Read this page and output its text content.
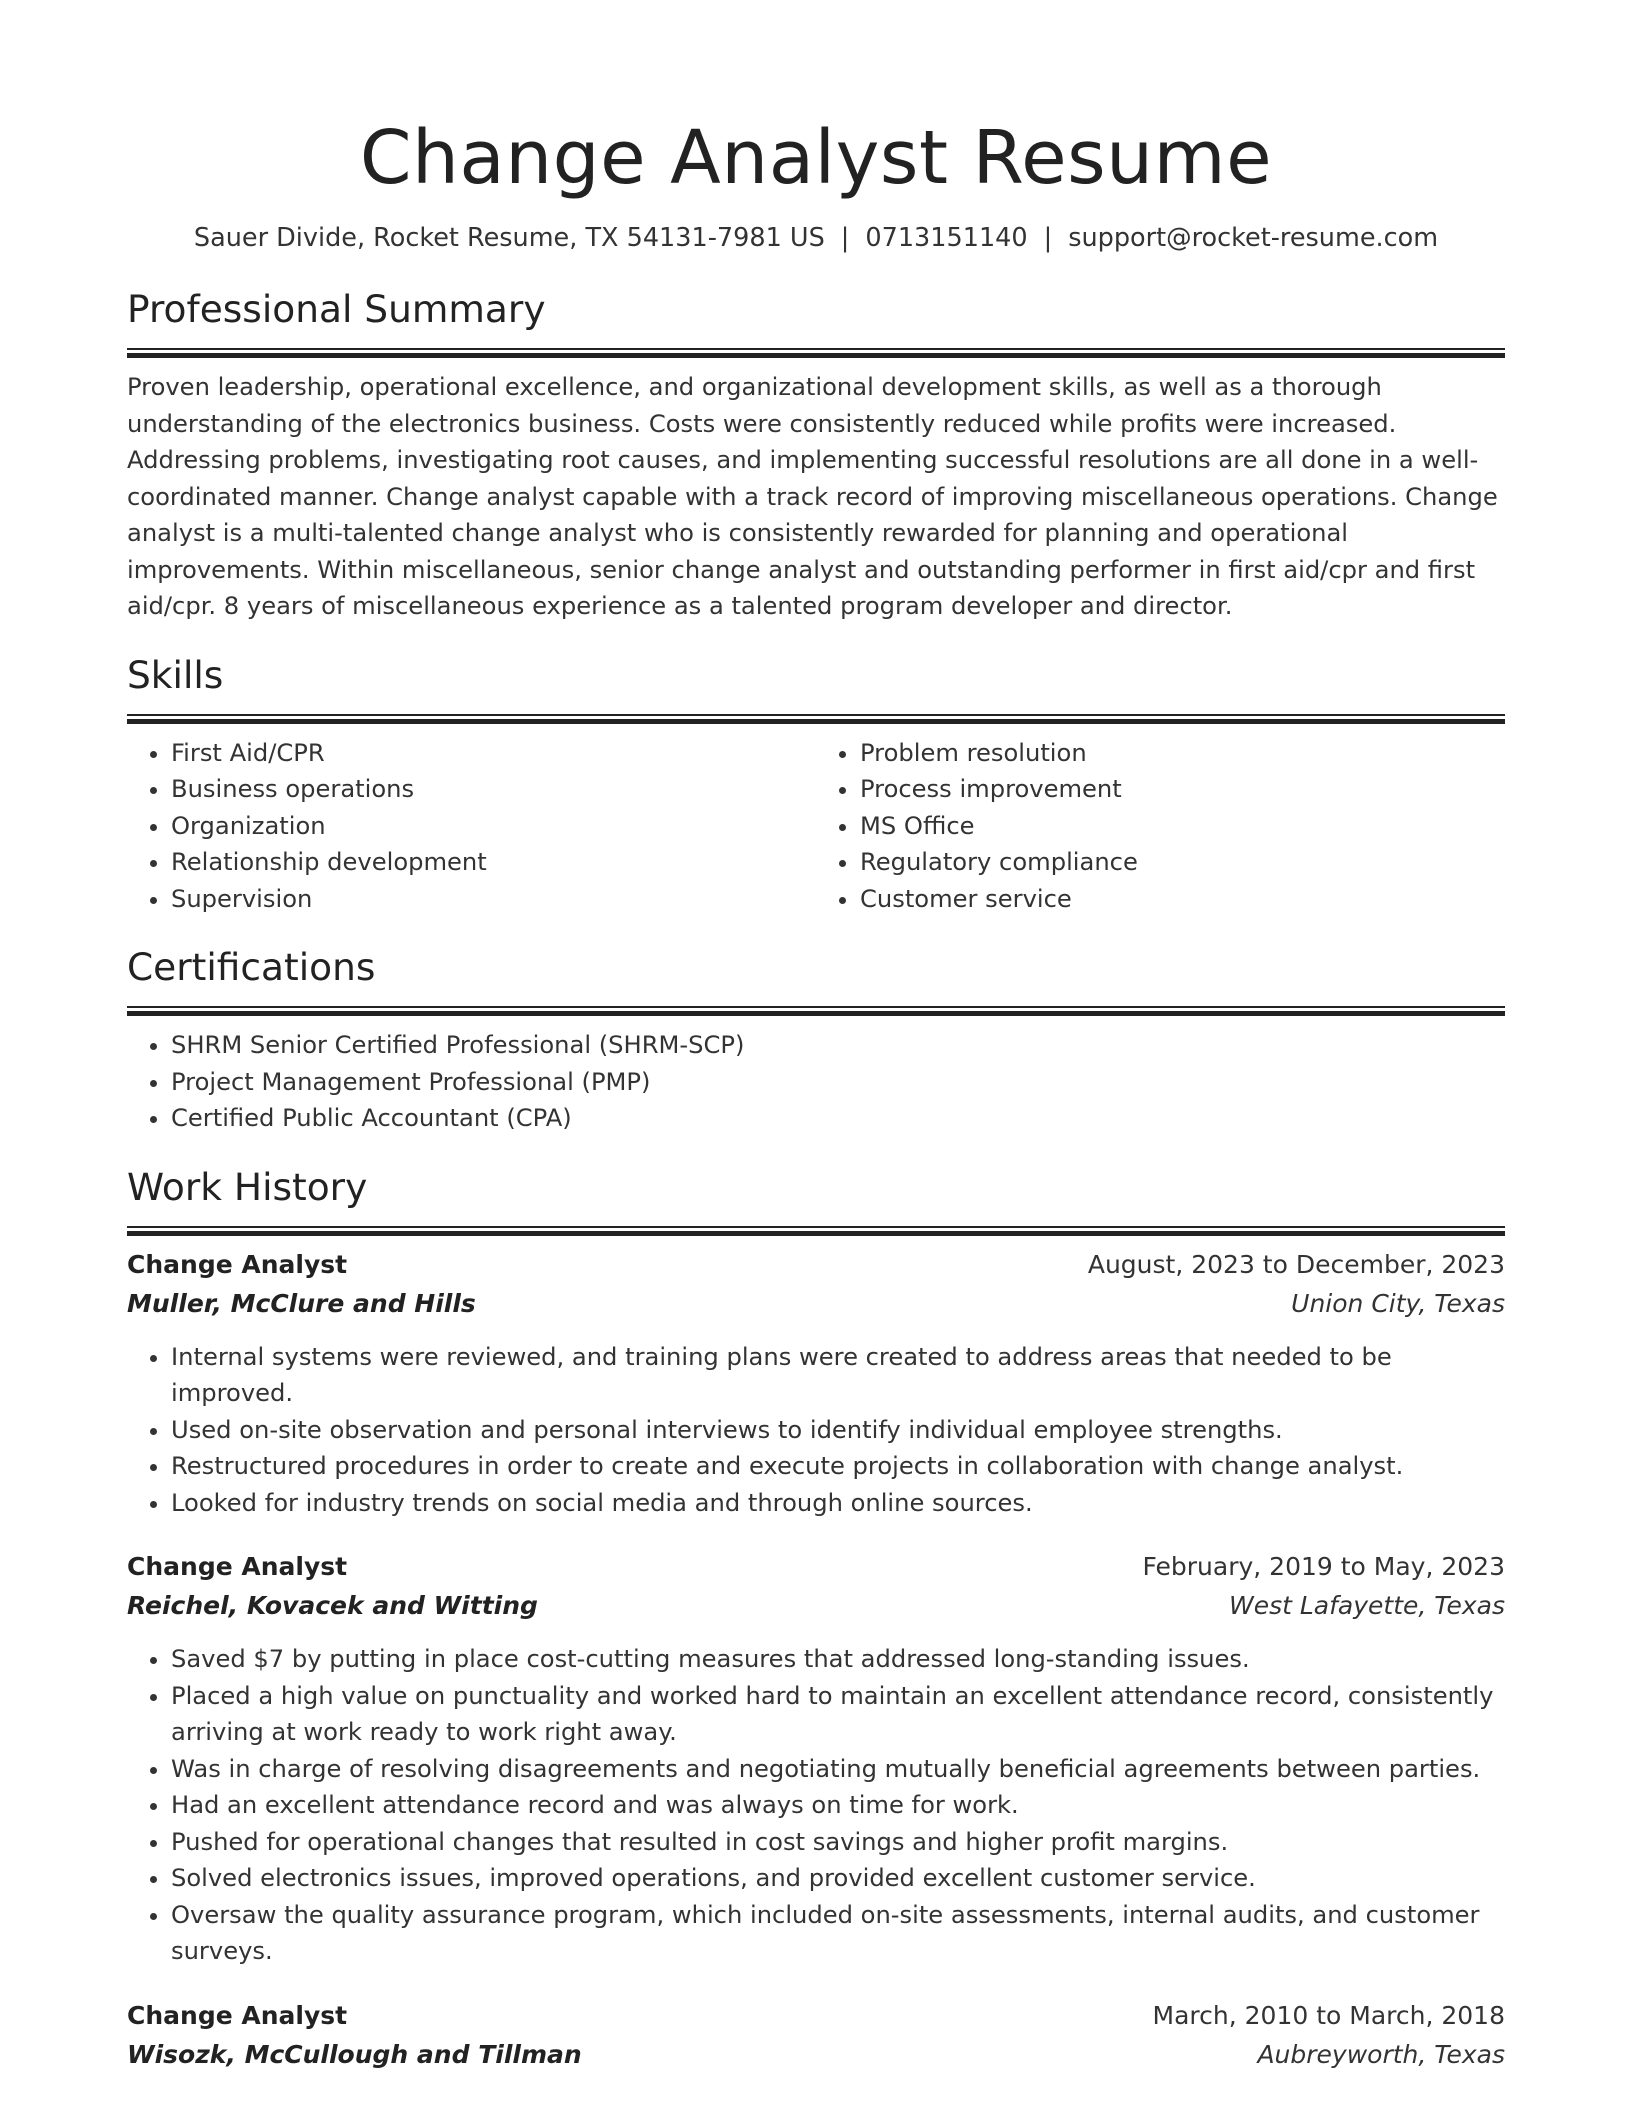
Change Analyst Resume
Sauer Divide, Rocket Resume, TX 54131-7981 US | 0713151140 | support@rocket-resume.com
Professional Summary
Proven leadership, operational excellence, and organizational development skills, as well as a thorough understanding of the electronics business. Costs were consistently reduced while profits were increased. Addressing problems, investigating root causes, and implementing successful resolutions are all done in a well-coordinated manner. Change analyst capable with a track record of improving miscellaneous operations. Change analyst is a multi-talented change analyst who is consistently rewarded for planning and operational improvements. Within miscellaneous, senior change analyst and outstanding performer in first aid/cpr and first aid/cpr. 8 years of miscellaneous experience as a talented program developer and director.
Skills
• First Aid/CPR
• Business operations
• Organization
• Relationship development
• Supervision
• Problem resolution
• Process improvement
• MS Office
• Regulatory compliance
• Customer service
Certifications
• SHRM Senior Certified Professional (SHRM-SCP)
• Project Management Professional (PMP)
• Certified Public Accountant (CPA)
Work History
Change Analyst	August, 2023 to December, 2023
Muller, McClure and Hills	Union City, Texas
• Internal systems were reviewed, and training plans were created to address areas that needed to be improved.
• Used on-site observation and personal interviews to identify individual employee strengths.
• Restructured procedures in order to create and execute projects in collaboration with change analyst.
• Looked for industry trends on social media and through online sources.
Change Analyst	February, 2019 to May, 2023
Reichel, Kovacek and Witting	West Lafayette, Texas
• Saved $7 by putting in place cost-cutting measures that addressed long-standing issues.
• Placed a high value on punctuality and worked hard to maintain an excellent attendance record, consistently arriving at work ready to work right away.
• Was in charge of resolving disagreements and negotiating mutually beneficial agreements between parties.
• Had an excellent attendance record and was always on time for work.
• Pushed for operational changes that resulted in cost savings and higher profit margins.
• Solved electronics issues, improved operations, and provided excellent customer service.
• Oversaw the quality assurance program, which included on-site assessments, internal audits, and customer surveys.
Change Analyst	March, 2010 to March, 2018
Wisozk, McCullough and Tillman	Aubreyworth, Texas
